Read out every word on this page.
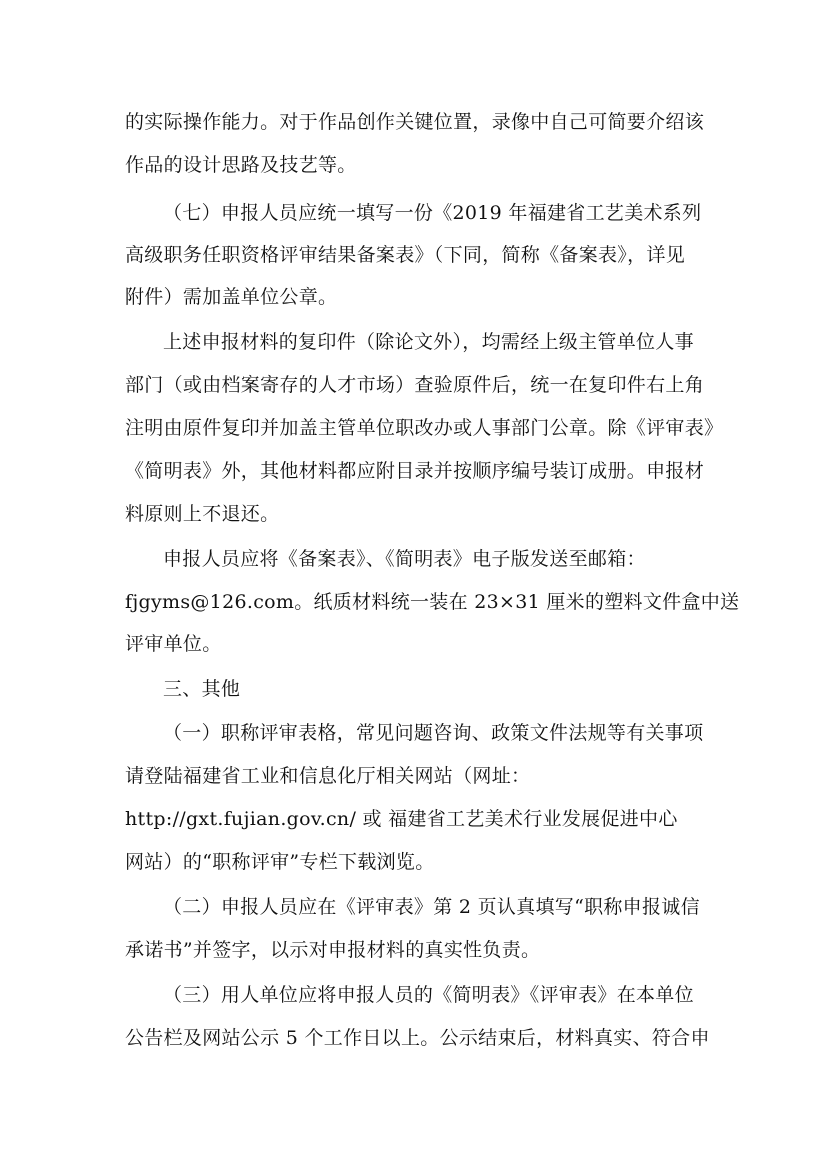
的实际操作能力。对于作品创作关键位置，录像中自己可简要介绍该
作品的设计思路及技艺等。
（七）申报人员应统一填写一份《2019 年福建省工艺美术系列
高级职务任职资格评审结果备案表》（下同，简称《备案表》，详见
附件）需加盖单位公章。
上述申报材料的复印件（除论文外），均需经上级主管单位人事
部门（或由档案寄存的人才市场）查验原件后，统一在复印件右上角
注明由原件复印并加盖主管单位职改办或人事部门公章。除《评审表》
《简明表》外，其他材料都应附目录并按顺序编号装订成册。申报材
料原则上不退还。
申报人员应将《备案表》、《简明表》电子版发送至邮箱：
fjgyms@126.com。纸质材料统一装在 23×31 厘米的塑料文件盒中送
评审单位。
三、其他
（一）职称评审表格，常见问题咨询、政策文件法规等有关事项
请登陆福建省工业和信息化厅相关网站（网址：
http://gxt.fujian.gov.cn/ 或 福建省工艺美术行业发展促进中心
网站）的“职称评审”专栏下载浏览。
（二）申报人员应在《评审表》第 2 页认真填写“职称申报诚信
承诺书”并签字，以示对申报材料的真实性负责。
（三）用人单位应将申报人员的《简明表》《评审表》在本单位
公告栏及网站公示 5 个工作日以上。公示结束后，材料真实、符合申
